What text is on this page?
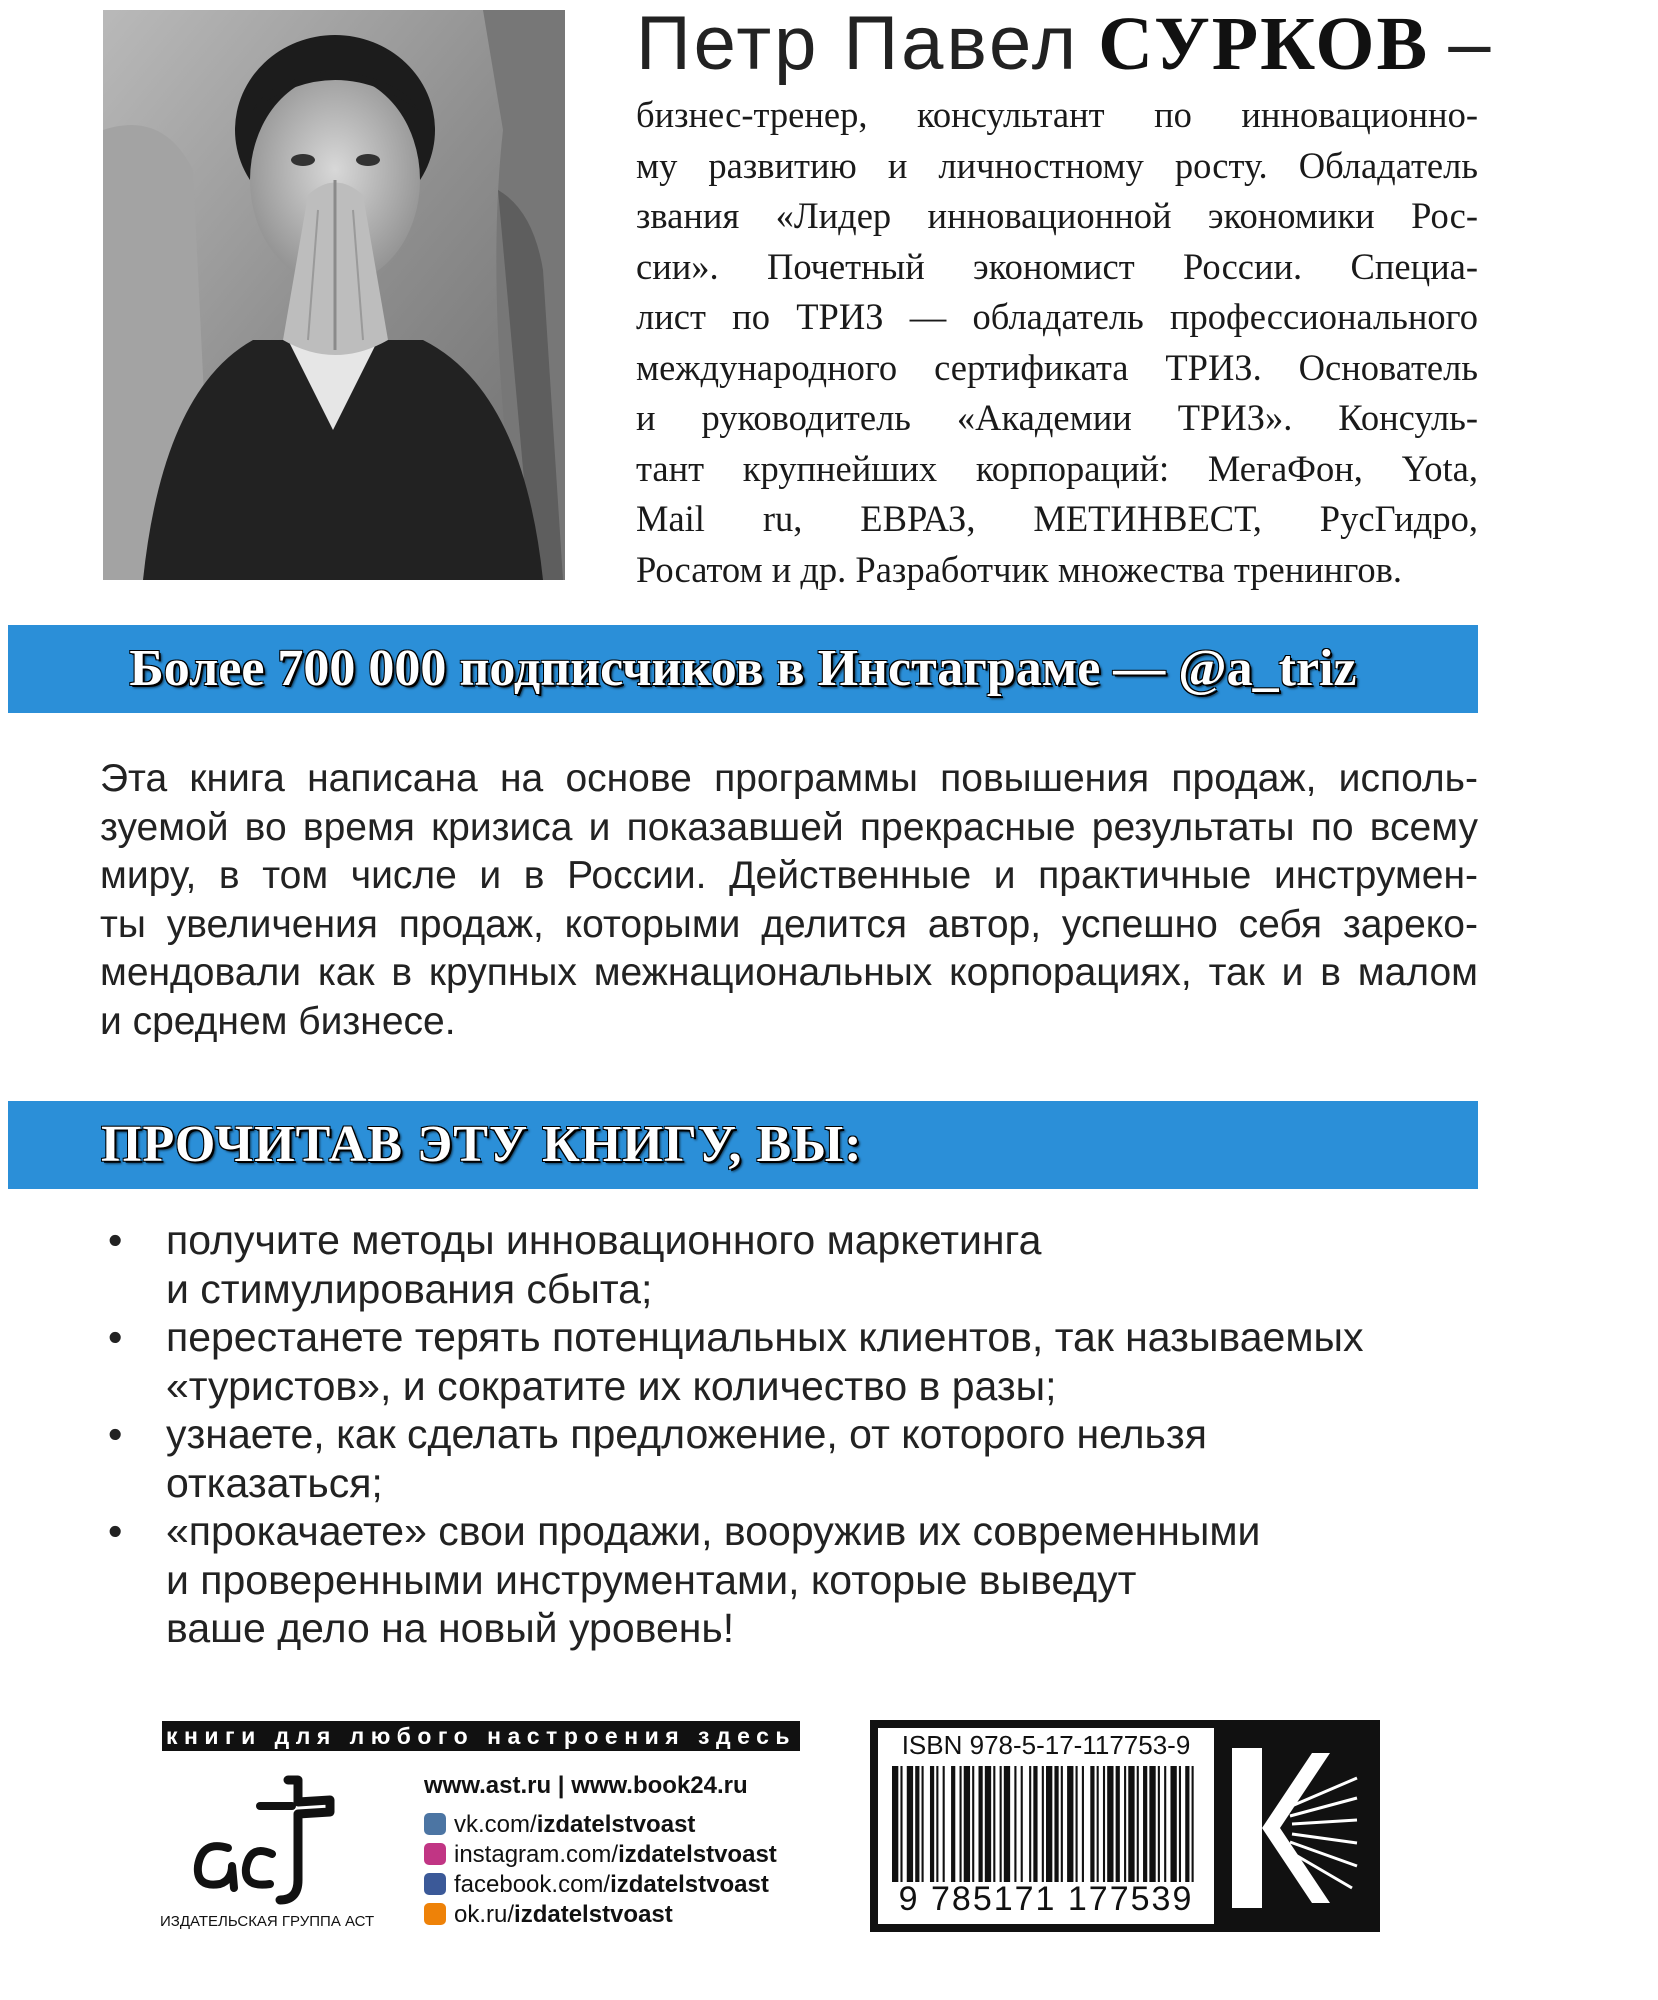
Петр Павел СУРКОВ –
бизнес-тренер, консультант по инновационно-
му развитию и личностному росту. Обладатель
звания «Лидер инновационной экономики Рос-
сии». Почетный экономист России. Специа-
лист по ТРИЗ — обладатель профессионального
международного сертификата ТРИЗ. Основатель
и руководитель «Академии ТРИЗ». Консуль-
тант крупнейших корпораций: МегаФон, Yota,
Mail ru, ЕВРАЗ, МЕТИНВЕСТ, РусГидро,
Росатом и др. Разработчик множества тренингов.
Более 700 000 подписчиков в Инстаграме — @a_triz
Эта книга написана на основе программы повышения продаж, исполь-
зуемой во время кризиса и показавшей прекрасные результаты по всему
миру, в том числе и в России. Действенные и практичные инструмен-
ты увеличения продаж, которыми делится автор, успешно себя зареко-
мендовали как в крупных межнациональных корпорациях, так и в малом
и среднем бизнесе.
ПРОЧИТАВ ЭТУ КНИГУ, ВЫ:
•	получите методы инновационного маркетинга
и стимулирования сбыта;
•	перестанете терять потенциальных клиентов, так называемых
«туристов», и сократите их количество в разы;
•	узнаете, как сделать предложение, от которого нельзя
отказаться;
•	«прокачаете» свои продажи, вооружив их современными
и проверенными инструментами, которые выведут
ваше дело на новый уровень!
книги для любого настроения здесь
ИЗДАТЕЛЬСКАЯ ГРУППА АСТ
www.ast.ru | www.book24.ru
vk.com/izdatelstvoast
instagram.com/izdatelstvoast
facebook.com/izdatelstvoast
ok.ru/izdatelstvoast
ISBN 978-5-17-117753-9
9 785171 177539
